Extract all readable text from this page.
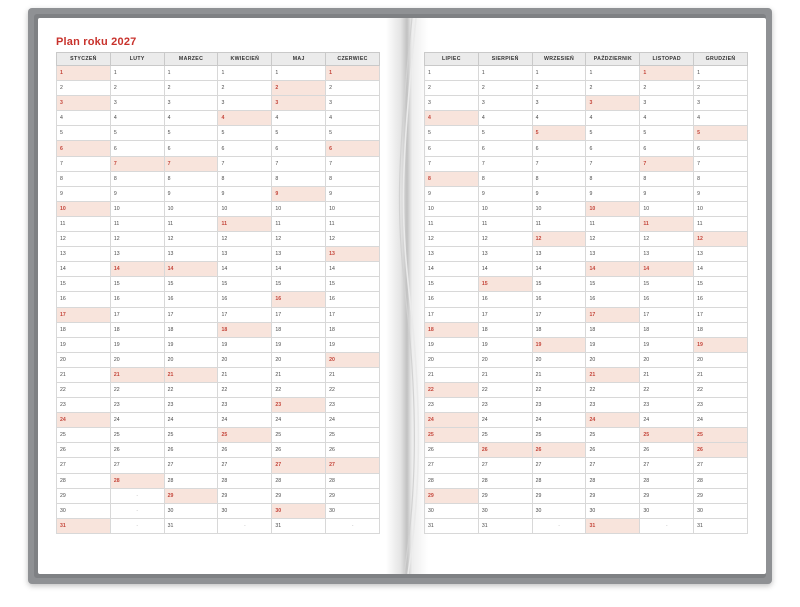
Plan roku 2027
STYCZEŃ	LUTY	MARZEC	KWIECIEŃ	MAJ	CZERWIEC
1	1	1	1	1	1
2	2	2	2	2	2
3	3	3	3	3	3
4	4	4	4	4	4
5	5	5	5	5	5
6	6	6	6	6	6
7	7	7	7	7	7
8	8	8	8	8	8
9	9	9	9	9	9
10	10	10	10	10	10
11	11	11	11	11	11
12	12	12	12	12	12
13	13	13	13	13	13
14	14	14	14	14	14
15	15	15	15	15	15
16	16	16	16	16	16
17	17	17	17	17	17
18	18	18	18	18	18
19	19	19	19	19	19
20	20	20	20	20	20
21	21	21	21	21	21
22	22	22	22	22	22
23	23	23	23	23	23
24	24	24	24	24	24
25	25	25	25	25	25
26	26	26	26	26	26
27	27	27	27	27	27
28	28	28	28	28	28
29	-	29	29	29	29
30	-	30	30	30	30
31	-	31	-	31	-
LIPIEC	SIERPIEŃ	WRZESIEŃ	PAŹDZIERNIK	LISTOPAD	GRUDZIEŃ
1	1	1	1	1	1
2	2	2	2	2	2
3	3	3	3	3	3
4	4	4	4	4	4
5	5	5	5	5	5
6	6	6	6	6	6
7	7	7	7	7	7
8	8	8	8	8	8
9	9	9	9	9	9
10	10	10	10	10	10
11	11	11	11	11	11
12	12	12	12	12	12
13	13	13	13	13	13
14	14	14	14	14	14
15	15	15	15	15	15
16	16	16	16	16	16
17	17	17	17	17	17
18	18	18	18	18	18
19	19	19	19	19	19
20	20	20	20	20	20
21	21	21	21	21	21
22	22	22	22	22	22
23	23	23	23	23	23
24	24	24	24	24	24
25	25	25	25	25	25
26	26	26	26	26	26
27	27	27	27	27	27
28	28	28	28	28	28
29	29	29	29	29	29
30	30	30	30	30	30
31	31	-	31	-	31
